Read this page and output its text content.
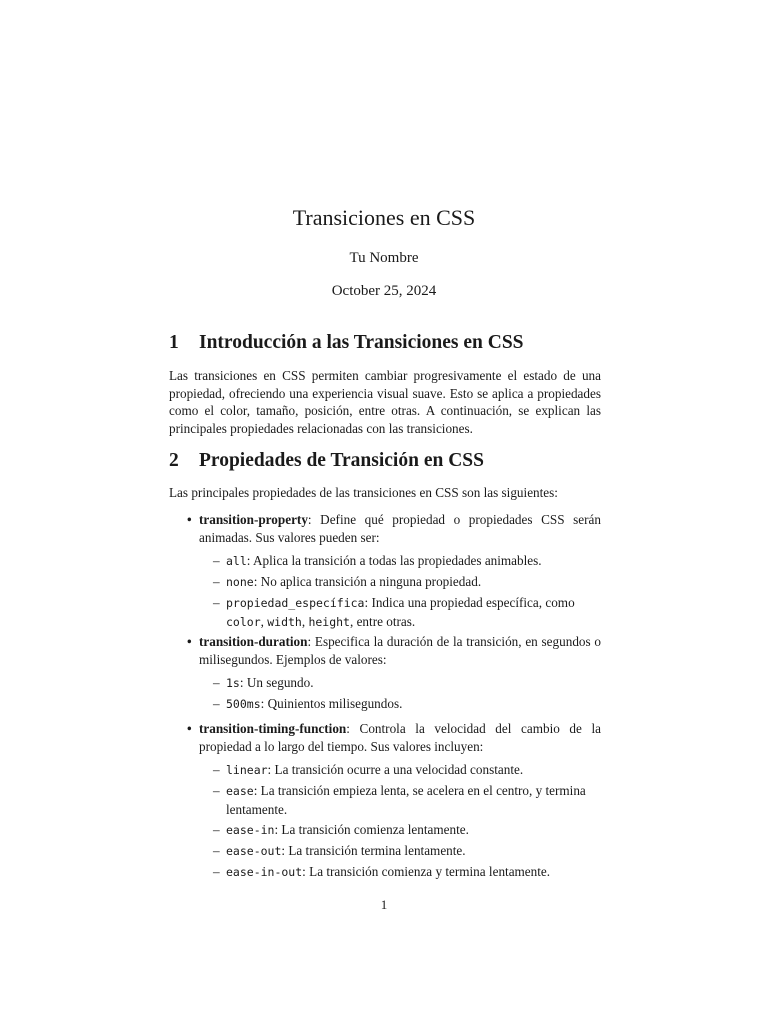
Transiciones en CSS
Tu Nombre
October 25, 2024
1 Introducción a las Transiciones en CSS

Las transiciones en CSS permiten cambiar progresivamente el estado de una propiedad, ofreciendo una experiencia visual suave. Esto se aplica a propiedades como el color, tamaño, posición, entre otras. A continuación, se explican las principales propiedades relacionadas con las transiciones.

2 Propiedades de Transición en CSS

Las principales propiedades de las transiciones en CSS son las siguientes:

• transition-property: Define qué propiedad o propiedades CSS serán animadas. Sus valores pueden ser:

– all: Aplica la transición a todas las propiedades animables.
– none: No aplica transición a ninguna propiedad.
– propiedad_específica: Indica una propiedad específica, como color, width, height, entre otras.

• transition-duration: Especifica la duración de la transición, en segundos o milisegundos. Ejemplos de valores:

– 1s: Un segundo.
– 500ms: Quinientos milisegundos.

• transition-timing-function: Controla la velocidad del cambio de la propiedad a lo largo del tiempo. Sus valores incluyen:

– linear: La transición ocurre a una velocidad constante.
– ease: La transición empieza lenta, se acelera en el centro, y termina lentamente.
– ease-in: La transición comienza lentamente.
– ease-out: La transición termina lentamente.
– ease-in-out: La transición comienza y termina lentamente.
1
